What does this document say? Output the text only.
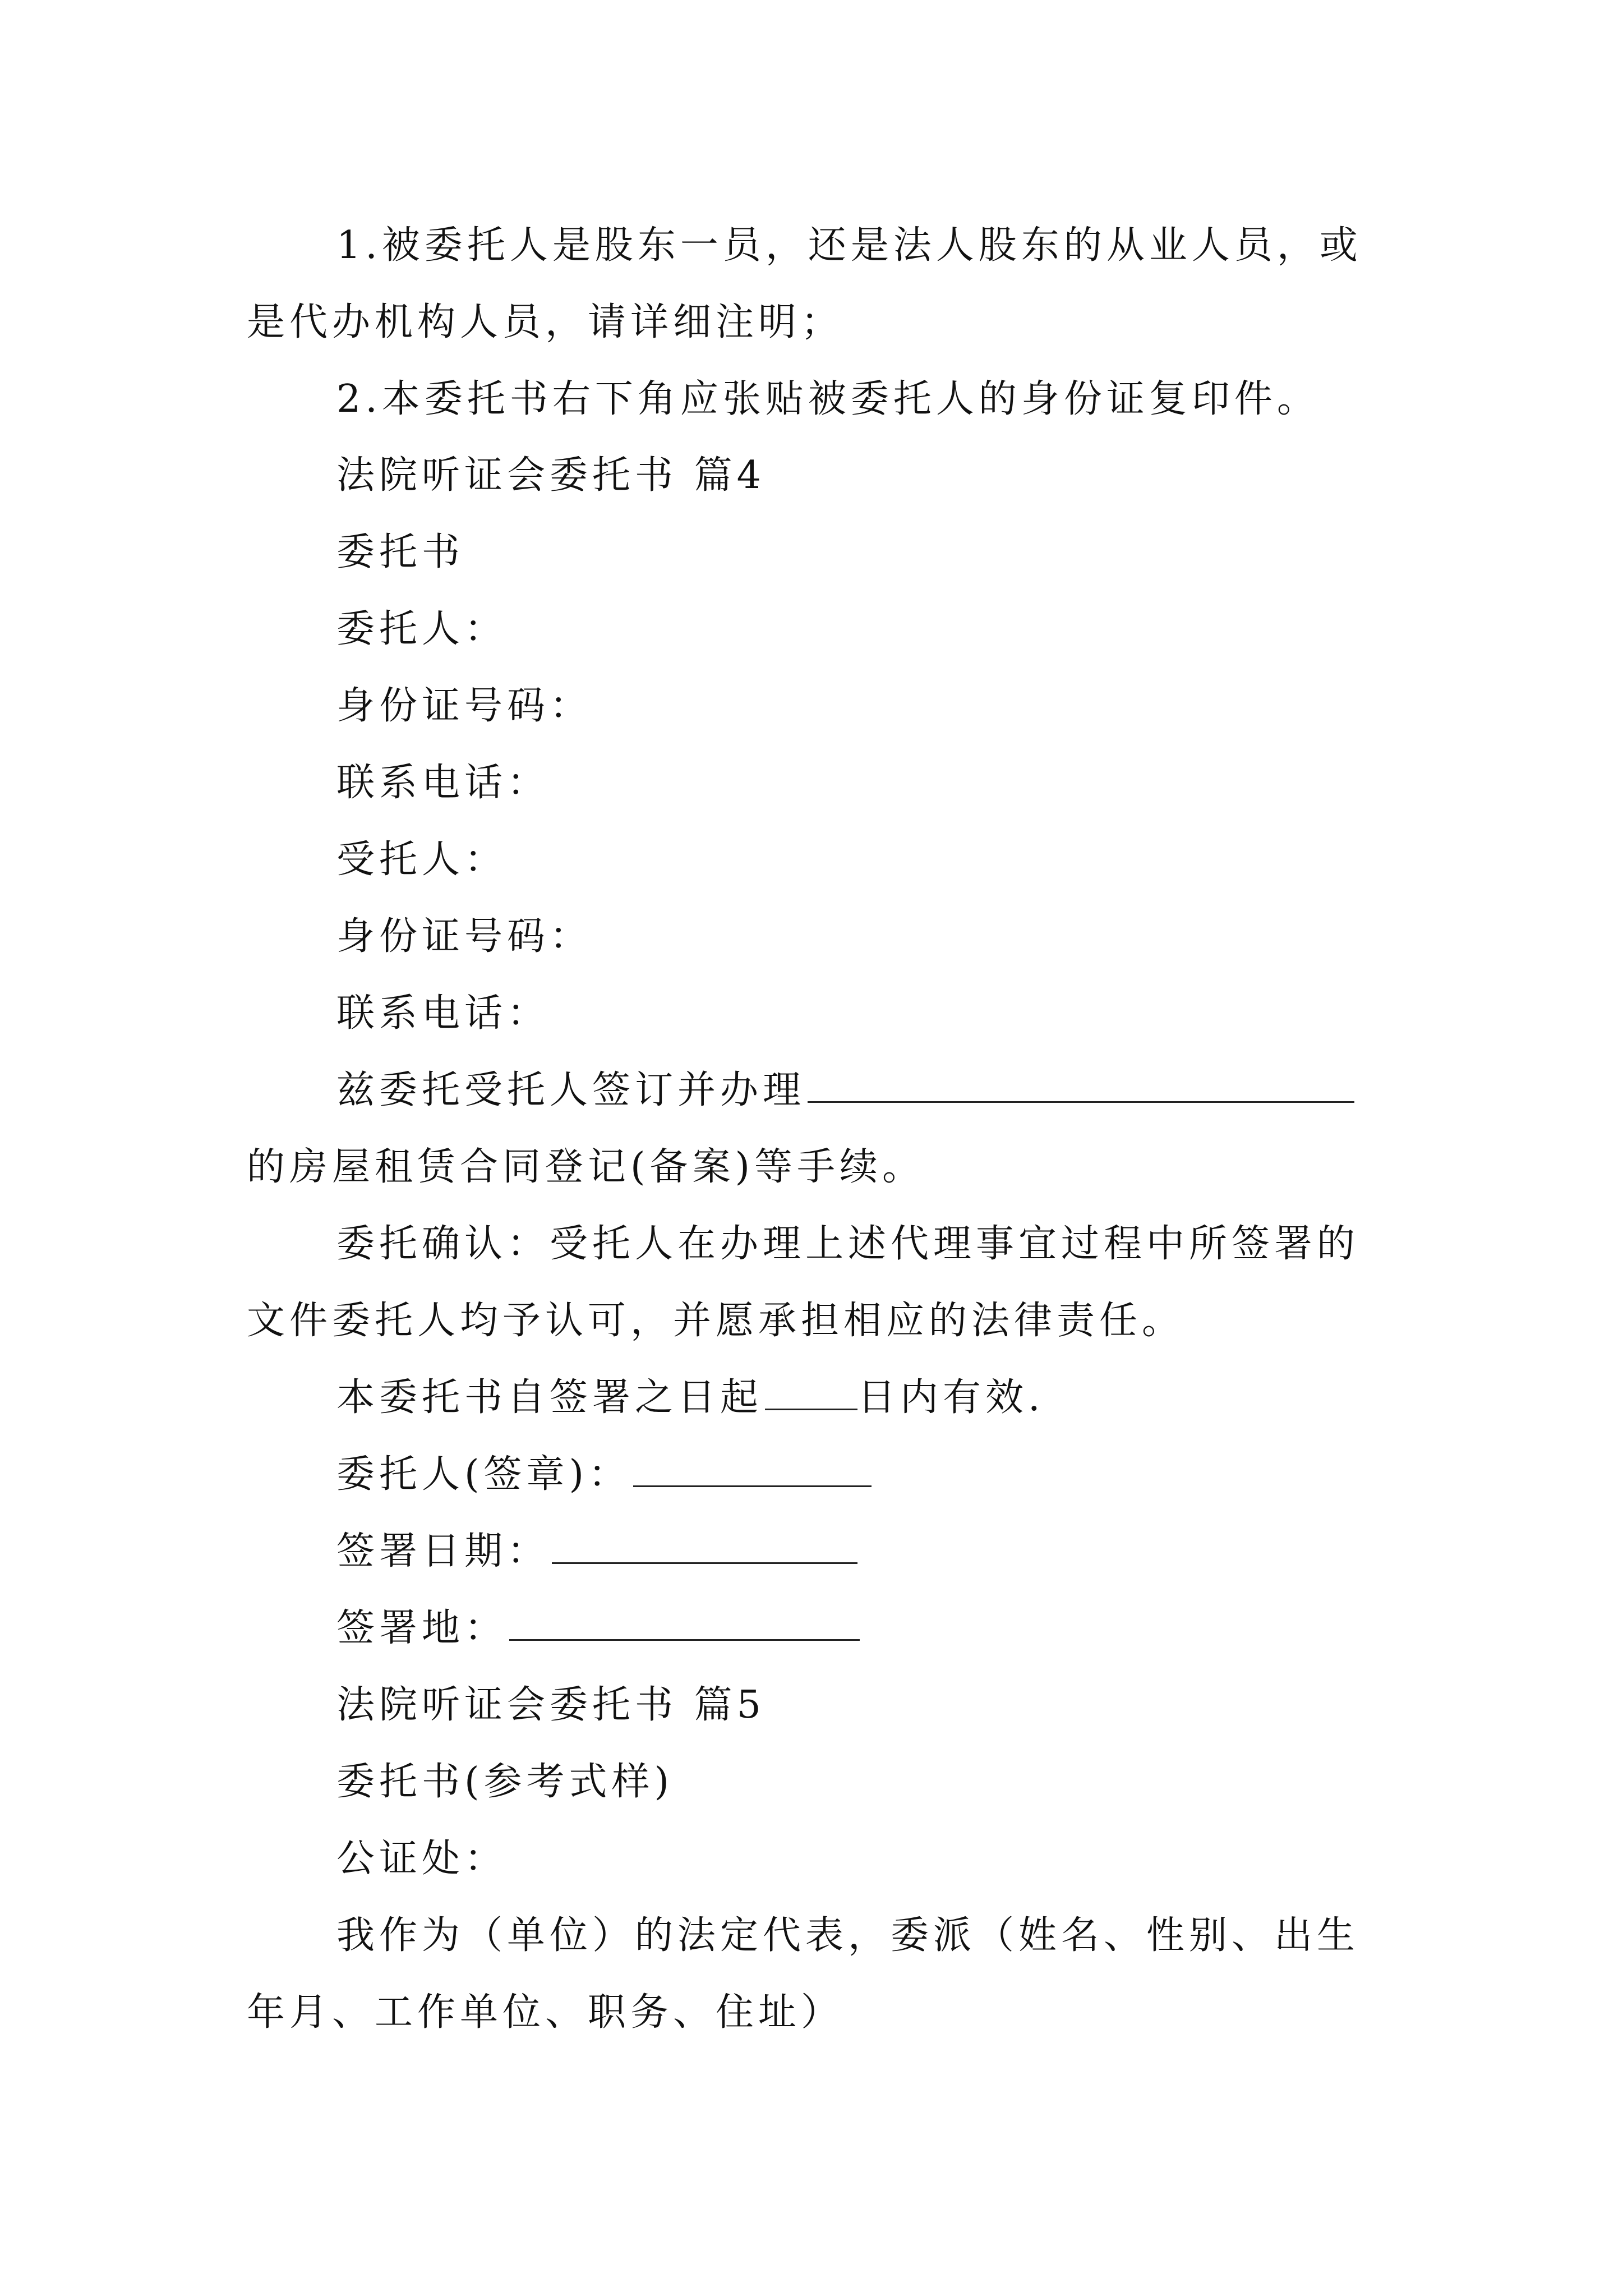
1.被委托人是股东一员，还是法人股东的从业人员，或
是代办机构人员，请详细注明；
2.本委托书右下角应张贴被委托人的身份证复印件。
法院听证会委托书 篇4
委托书
委托人：
身份证号码：
联系电话：
受托人：
身份证号码：
联系电话：
兹委托受托人签订并办理
的房屋租赁合同登记(备案)等手续。
委托确认：受托人在办理上述代理事宜过程中所签署的
文件委托人均予认可，并愿承担相应的法律责任。
本委托书自签署之日起 日内有效.
委托人(签章)：
签署日期：
签署地：
法院听证会委托书 篇5
委托书(参考式样)
公证处：
我作为（单位）的法定代表，委派（姓名、性别、出生
年月、工作单位、职务、住址）
